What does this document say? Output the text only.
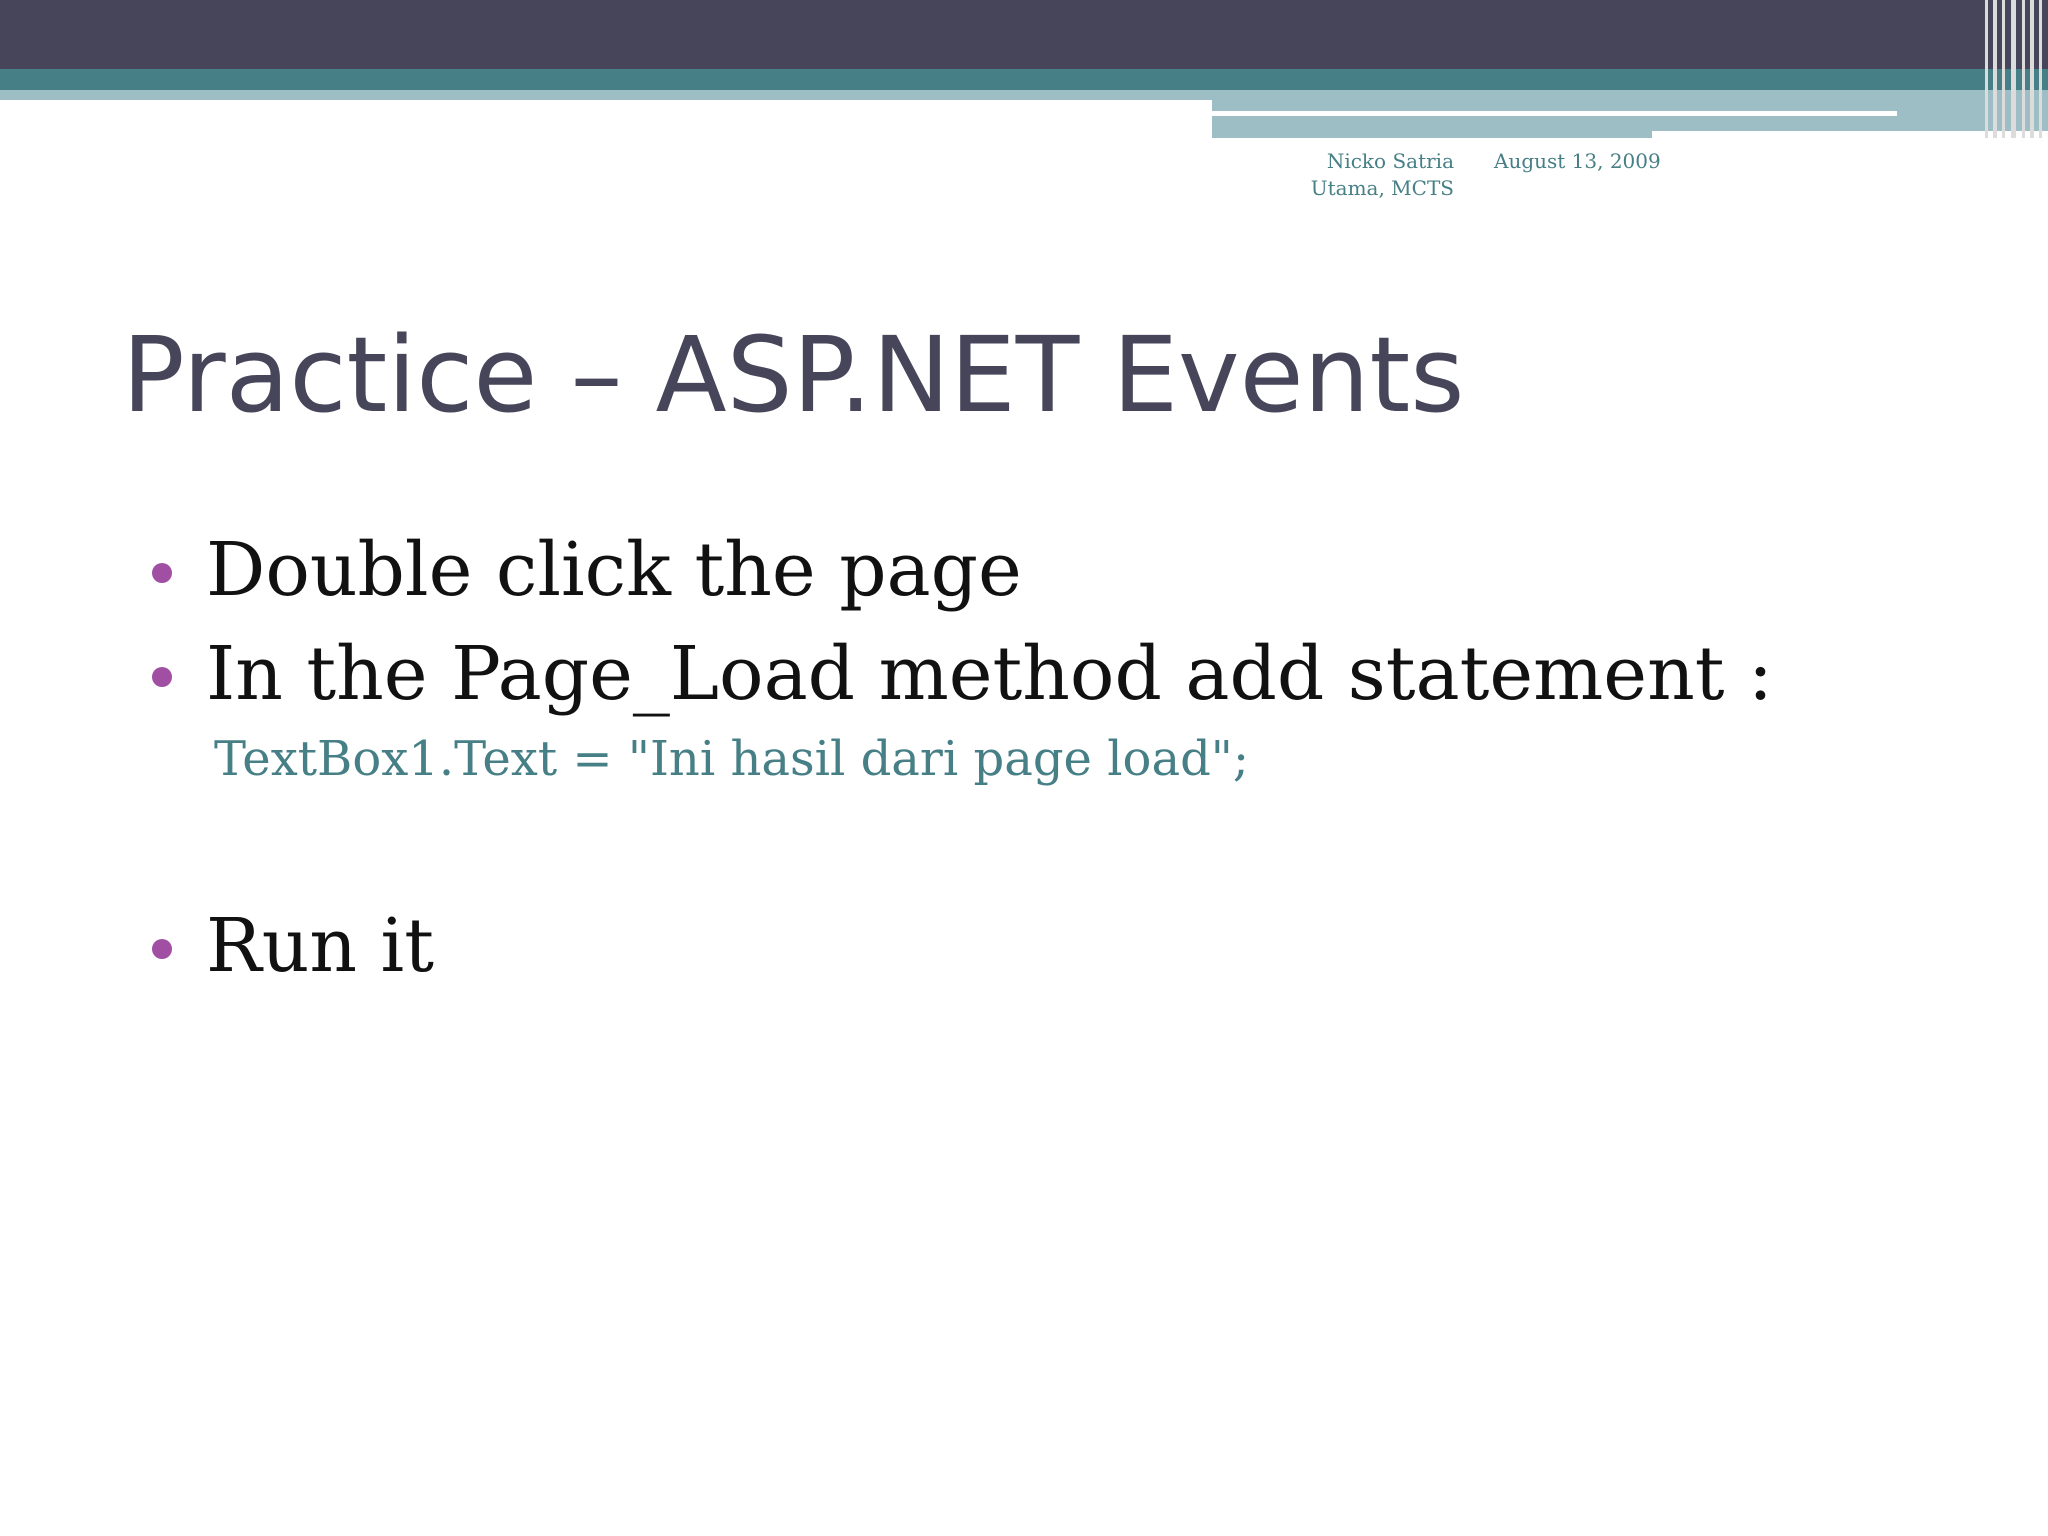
Nicko Satria
Utama, MCTS
August 13, 2009
Practice – ASP.NET Events
Double click the page
In the Page_Load method add statement :
TextBox1.Text = "Ini hasil dari page load";
Run it
